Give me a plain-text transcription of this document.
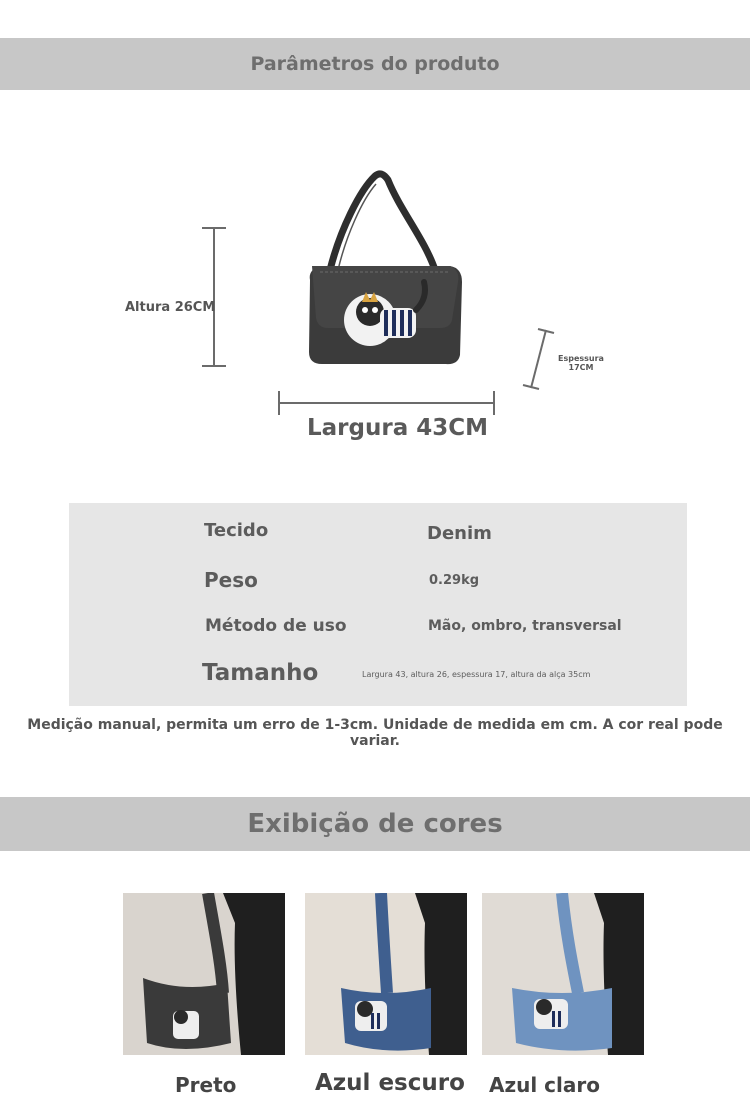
Parâmetros do produto
Altura 26CM
Espessura
17CM
Largura 43CM
Tecido	Denim
Peso	0.29kg
Método de uso	Mão, ombro, transversal
Tamanho	Largura 43, altura 26, espessura 17, altura da alça 35cm
Medição manual, permita um erro de 1-3cm. Unidade de medida em cm. A cor real pode variar.
Exibição de cores
Preto	Azul escuro Azul claro
